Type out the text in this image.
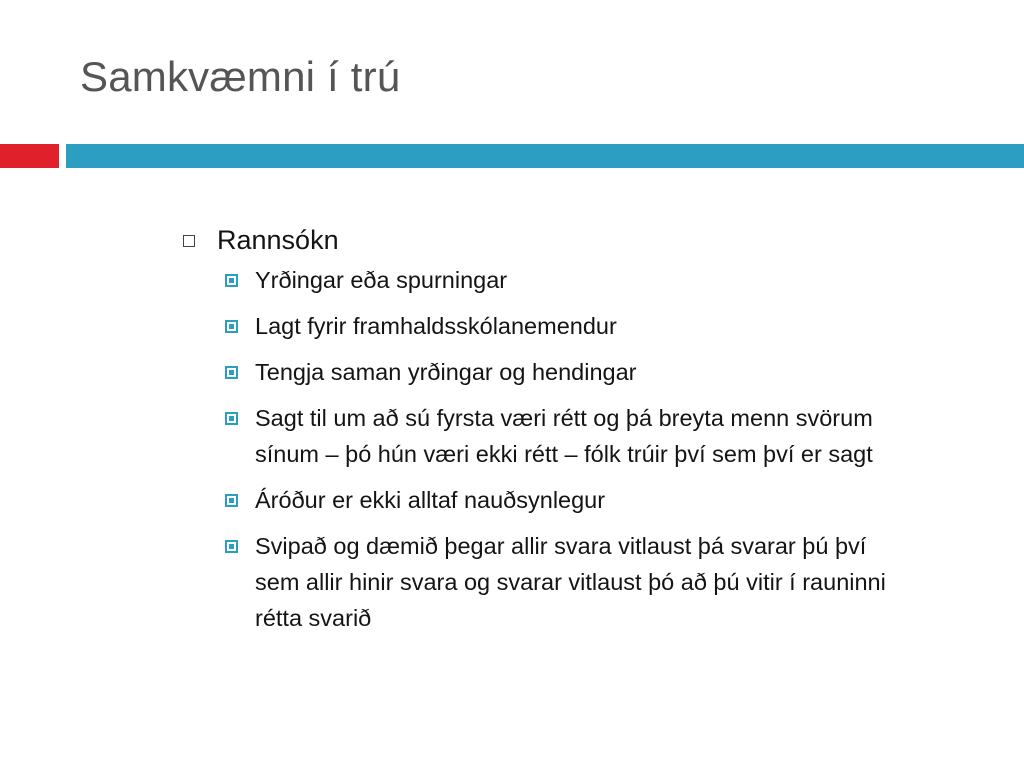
Samkvæmni í trú
Rannsókn
Yrðingar eða spurningar
Lagt fyrir framhaldsskólanemendur
Tengja saman yrðingar og hendingar
Sagt til um að sú fyrsta væri rétt og þá breyta menn svörum sínum – þó hún væri ekki rétt – fólk trúir því sem því er sagt
Áróður er ekki alltaf nauðsynlegur
Svipað og dæmið þegar allir svara vitlaust þá svarar þú því sem allir hinir svara og svarar vitlaust þó að þú vitir í rauninni rétta svarið
